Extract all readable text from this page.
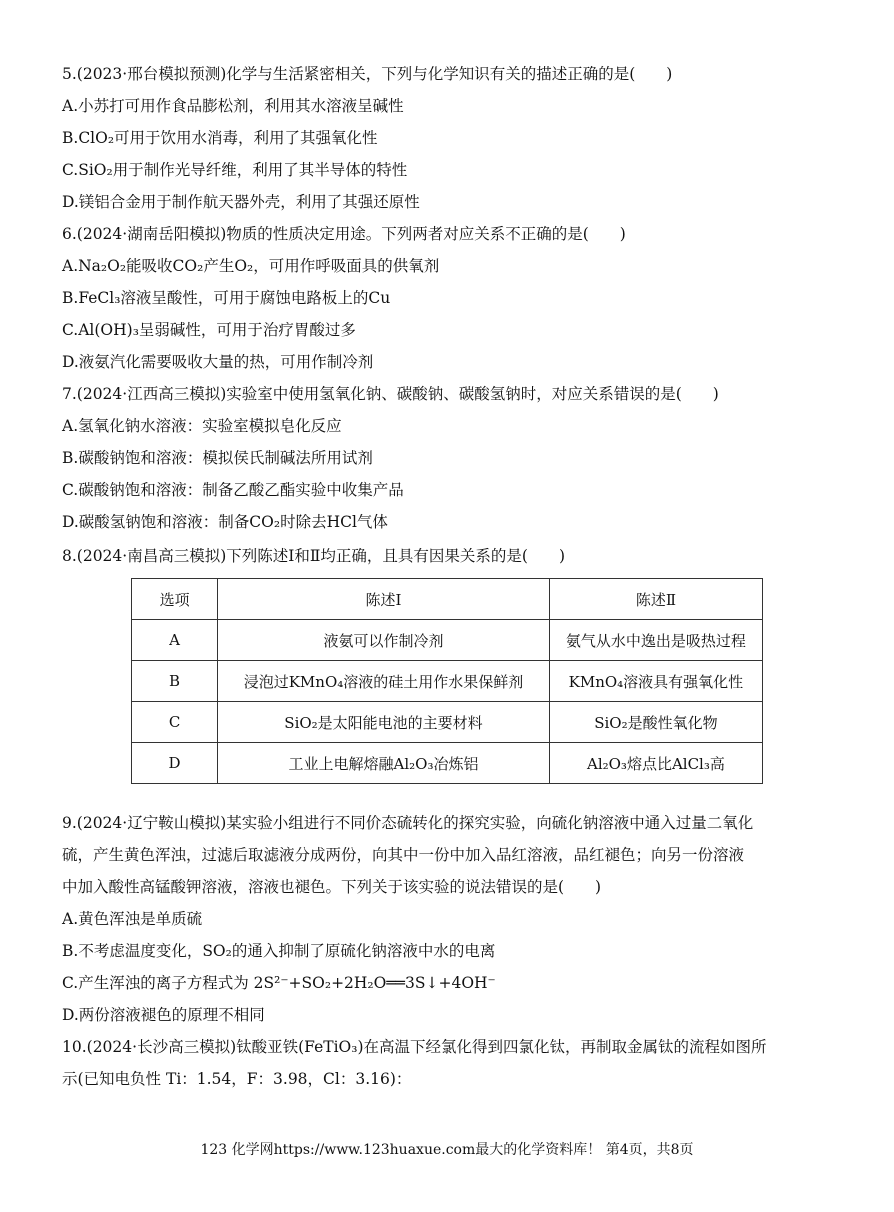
5.(2023·邢台模拟预测)化学与生活紧密相关，下列与化学知识有关的描述正确的是(　　)
A.小苏打可用作食品膨松剂，利用其水溶液呈碱性
B.ClO₂可用于饮用水消毒，利用了其强氧化性
C.SiO₂用于制作光导纤维，利用了其半导体的特性
D.镁铝合金用于制作航天器外壳，利用了其强还原性
6.(2024·湖南岳阳模拟)物质的性质决定用途。下列两者对应关系不正确的是(　　)
A.Na₂O₂能吸收CO₂产生O₂，可用作呼吸面具的供氧剂
B.FeCl₃溶液呈酸性，可用于腐蚀电路板上的Cu
C.Al(OH)₃呈弱碱性，可用于治疗胃酸过多
D.液氨汽化需要吸收大量的热，可用作制冷剂
7.(2024·江西高三模拟)实验室中使用氢氧化钠、碳酸钠、碳酸氢钠时，对应关系错误的是(　　)
A.氢氧化钠水溶液：实验室模拟皂化反应
B.碳酸钠饱和溶液：模拟侯氏制碱法所用试剂
C.碳酸钠饱和溶液：制备乙酸乙酯实验中收集产品
D.碳酸氢钠饱和溶液：制备CO₂时除去HCl气体
8.(2024·南昌高三模拟)下列陈述Ⅰ和Ⅱ均正确，且具有因果关系的是(　　)
选项	陈述Ⅰ	陈述Ⅱ
A	液氨可以作制冷剂	氨气从水中逸出是吸热过程
B	浸泡过KMnO₄溶液的硅土用作水果保鲜剂	KMnO₄溶液具有强氧化性
C	SiO₂是太阳能电池的主要材料	SiO₂是酸性氧化物
D	工业上电解熔融Al₂O₃冶炼铝	Al₂O₃熔点比AlCl₃高
9.(2024·辽宁鞍山模拟)某实验小组进行不同价态硫转化的探究实验，向硫化钠溶液中通入过量二氧化
硫，产生黄色浑浊，过滤后取滤液分成两份，向其中一份中加入品红溶液，品红褪色；向另一份溶液
中加入酸性高锰酸钾溶液，溶液也褪色。下列关于该实验的说法错误的是(　　)
A.黄色浑浊是单质硫
B.不考虑温度变化，SO₂的通入抑制了原硫化钠溶液中水的电离
C.产生浑浊的离子方程式为 2S²⁻+SO₂+2H₂O══3S↓+4OH⁻
D.两份溶液褪色的原理不相同
10.(2024·长沙高三模拟)钛酸亚铁(FeTiO₃)在高温下经氯化得到四氯化钛，再制取金属钛的流程如图所
示(已知电负性 Ti：1.54，F：3.98，Cl：3.16)：
123 化学网https://www.123huaxue.com最大的化学资料库！ 第4页，共8页
